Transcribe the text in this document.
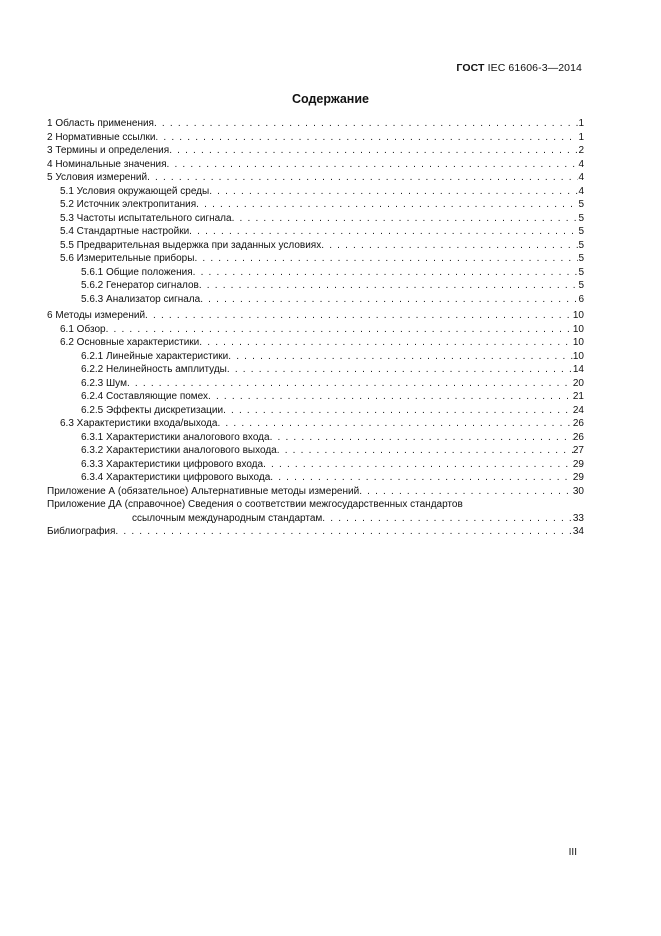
ГОСТ IEC 61606-3—2014
Содержание
1 Область применения . . .	1
2 Нормативные ссылки . . .	1
3 Термины и определения . . .	2
4 Номинальные значения . . .	4
5 Условия измерений . . .	4
5.1 Условия окружающей среды . . .	4
5.2 Источник электропитания . . .	5
5.3 Частоты испытательного сигнала . . .	5
5.4 Стандартные настройки . . .	5
5.5 Предварительная выдержка при заданных условиях . . .	5
5.6 Измерительные приборы . . .	5
5.6.1 Общие положения . . .	5
5.6.2 Генератор сигналов . . .	5
5.6.3 Анализатор сигнала . . .	6
6 Методы измерений . . .	10
6.1 Обзор . . .	10
6.2 Основные характеристики . . .	10
6.2.1 Линейные характеристики . . .	10
6.2.2 Нелинейность амплитуды . . .	14
6.2.3 Шум . . .	20
6.2.4 Составляющие помех . . .	21
6.2.5 Эффекты дискретизации . . .	24
6.3 Характеристики входа/выхода . . .	26
6.3.1 Характеристики аналогового входа . . .	26
6.3.2 Характеристики аналогового выхода . . .	27
6.3.3 Характеристики цифрового входа . . .	29
6.3.4 Характеристики цифрового выхода . . .	29
Приложение А (обязательное) Альтернативные методы измерений . . .	30
Приложение ДА (справочное) Сведения о соответствии межгосударственных стандартов
ссылочным международным стандартам . . .	33
Библиография . . .	34
III
